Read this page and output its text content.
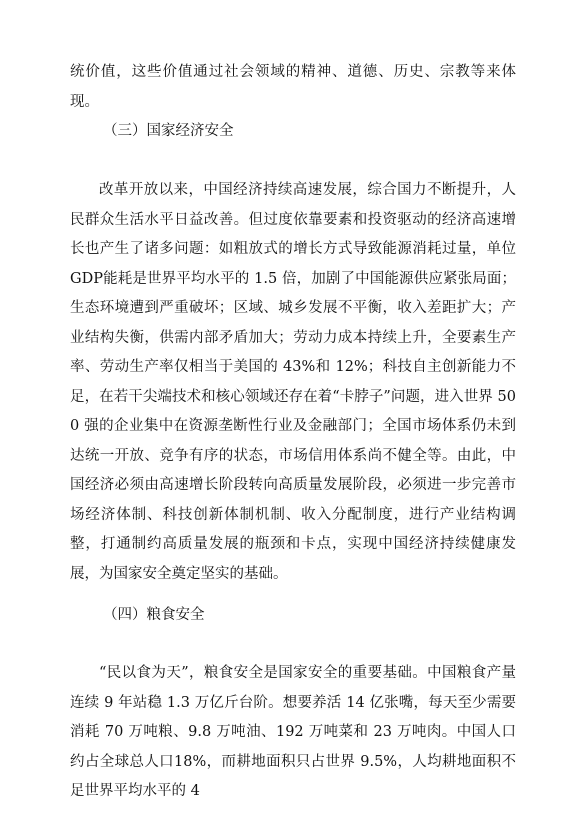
统价值，这些价值通过社会领域的精神、道德、历史、宗教等来体现。

（三）国家经济安全

改革开放以来，中国经济持续高速发展，综合国力不断提升，人民群众生活水平日益改善。但过度依靠要素和投资驱动的经济高速增长也产生了诸多问题：如粗放式的增长方式导致能源消耗过量，单位GDP能耗是世界平均水平的 1.5 倍，加剧了中国能源供应紧张局面；生态环境遭到严重破坏；区域、城乡发展不平衡，收入差距扩大；产业结构失衡，供需内部矛盾加大；劳动力成本持续上升，全要素生产率、劳动生产率仅相当于美国的 43%和 12%；科技自主创新能力不足，在若干尖端技术和核心领域还存在着“卡脖子”问题，进入世界 500 强的企业集中在资源垄断性行业及金融部门；全国市场体系仍未到达统一开放、竞争有序的状态，市场信用体系尚不健全等。由此，中国经济必须由高速增长阶段转向高质量发展阶段，必须进一步完善市场经济体制、科技创新体制机制、收入分配制度，进行产业结构调整，打通制约高质量发展的瓶颈和卡点，实现中国经济持续健康发展，为国家安全奠定坚实的基础。

（四）粮食安全

“民以食为天”，粮食安全是国家安全的重要基础。中国粮食产量连续 9 年站稳 1.3 万亿斤台阶。想要养活 14 亿张嘴，每天至少需要消耗 70 万吨粮、9.8 万吨油、192 万吨菜和 23 万吨肉。中国人口约占全球总人口18%，而耕地面积只占世界 9.5%，人均耕地面积不足世界平均水平的 4
